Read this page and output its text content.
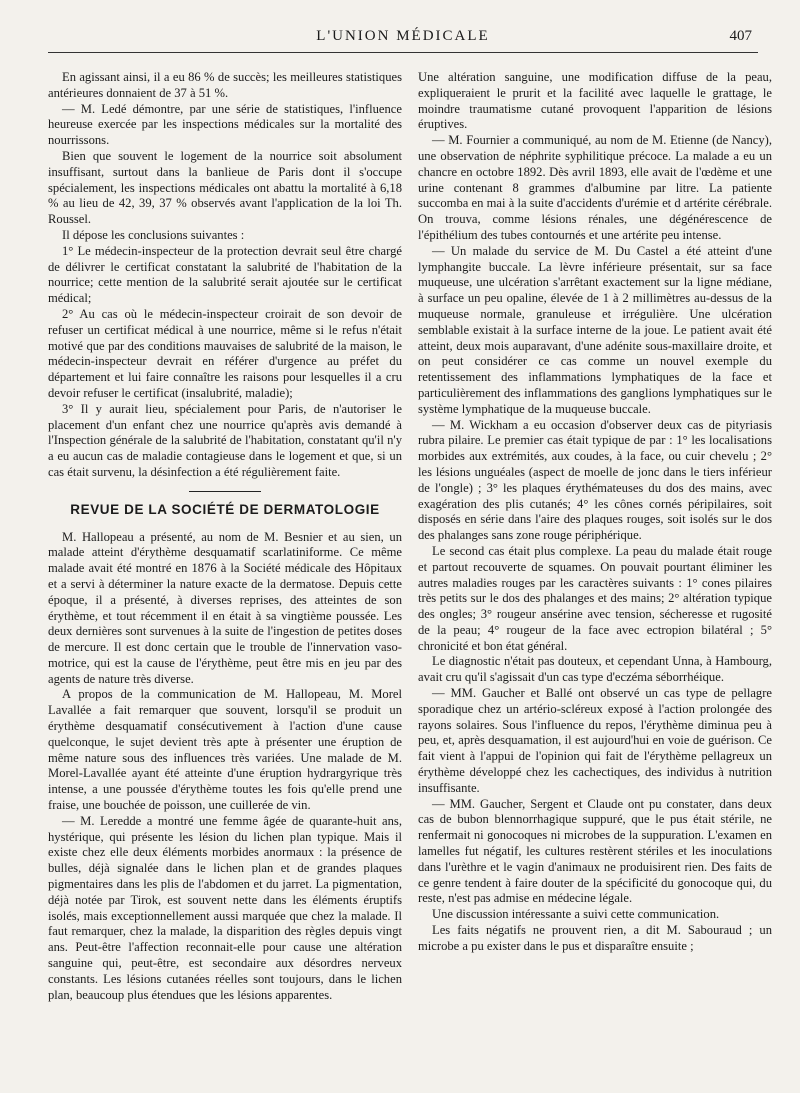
L'UNION MÉDICALE	407

En agissant ainsi, il a eu 86 % de succès; les meilleures statistiques antérieures donnaient de 37 à 51 %.

— M. Ledé démontre, par une série de statistiques, l'influence heureuse exercée par les inspections médicales sur la mortalité des nourrissons.

Bien que souvent le logement de la nourrice soit absolument insuffisant, surtout dans la banlieue de Paris dont il s'occupe spécialement, les inspections médicales ont abattu la mortalité à 6,18 % au lieu de 42, 39, 37 % observés avant l'application de la loi Th. Roussel.

Il dépose les conclusions suivantes :

1° Le médecin-inspecteur de la protection devrait seul être chargé de délivrer le certificat constatant la salubrité de l'habitation de la nourrice; cette mention de la salubrité serait ajoutée sur le certificat médical;

2° Au cas où le médecin-inspecteur croirait de son devoir de refuser un certificat médical à une nourrice, même si le refus n'était motivé que par des conditions mauvaises de salubrité de la maison, le médecin-inspecteur devrait en référer d'urgence au préfet du département et lui faire connaître les raisons pour lesquelles il a cru devoir refuser le certificat (insalubrité, maladie);

3° Il y aurait lieu, spécialement pour Paris, de n'autoriser le placement d'un enfant chez une nourrice qu'après avis demandé à l'Inspection générale de la salubrité de l'habitation, constatant qu'il n'y a eu aucun cas de maladie contagieuse dans le logement et que, si un cas était survenu, la désinfection a été régulièrement faite.

REVUE DE LA SOCIÉTÉ DE DERMATOLOGIE

M. Hallopeau a présenté, au nom de M. Besnier et au sien, un malade atteint d'érythème desquamatif scarlatiniforme. Ce même malade avait été montré en 1876 à la Société médicale des Hôpitaux et a servi à déterminer la nature exacte de la dermatose. Depuis cette époque, il a présenté, à diverses reprises, des atteintes de son érythème, et tout récemment il en était à sa vingtième poussée. Les deux dernières sont survenues à la suite de l'ingestion de petites doses de mercure. Il est donc certain que le trouble de l'innervation vaso-motrice, qui est la cause de l'érythème, peut être mis en jeu par des agents de nature très diverse.

A propos de la communication de M. Hallopeau, M. Morel Lavallée a fait remarquer que souvent, lorsqu'il se produit un érythème desquamatif consécutivement à l'action d'une cause quelconque, le sujet devient très apte à présenter une éruption de même nature sous des influences très variées. Une malade de M. Morel-Lavallée ayant été atteinte d'une éruption hydrargyrique très intense, a une poussée d'érythème toutes les fois qu'elle prend une fraise, une bouchée de poisson, une cuillerée de vin.

— M. Leredde a montré une femme âgée de quarante-huit ans, hystérique, qui présente les lésion du lichen plan typique. Mais il existe chez elle deux éléments morbides anormaux : la présence de bulles, déjà signalée dans le lichen plan et de grandes plaques pigmentaires dans les plis de l'abdomen et du jarret. La pigmentation, déjà notée par Tirok, est souvent nette dans les éléments éruptifs isolés, mais exceptionnellement aussi marquée que chez la malade. Il faut remarquer, chez la malade, la disparition des règles depuis vingt ans. Peut-être l'affection reconnait-elle pour cause une altération sanguine qui, peut-être, est secondaire aux désordres nerveux constants. Les lésions cutanées réelles sont toujours, dans le lichen plan, beaucoup plus étendues que les lésions apparentes.

Une altération sanguine, une modification diffuse de la peau, expliqueraient le prurit et la facilité avec laquelle le grattage, le moindre traumatisme cutané provoquent l'apparition de lésions éruptives.

— M. Fournier a communiqué, au nom de M. Etienne (de Nancy), une observation de néphrite syphilitique précoce. La malade a eu un chancre en octobre 1892. Dès avril 1893, elle avait de l'œdème et une urine contenant 8 grammes d'albumine par litre. La patiente succomba en mai à la suite d'accidents d'urémie et d artérite cérébrale. On trouva, comme lésions rénales, une dégénérescence de l'épithélium des tubes contournés et une artérite peu intense.

— Un malade du service de M. Du Castel a été atteint d'une lymphangite buccale. La lèvre inférieure présentait, sur sa face muqueuse, une ulcération s'arrêtant exactement sur la ligne médiane, à surface un peu opaline, élevée de 1 à 2 millimètres au-dessus de la muqueuse normale, granuleuse et irrégulière. Une ulcération semblable existait à la surface interne de la joue. Le patient avait été atteint, deux mois auparavant, d'une adénite sous-maxillaire droite, et on peut considérer ce cas comme un nouvel exemple du retentissement des inflammations lymphatiques de la face et particulièrement des inflammations des ganglions lymphatiques sur le système lymphatique de la muqueuse buccale.

— M. Wickham a eu occasion d'observer deux cas de pityriasis rubra pilaire. Le premier cas était typique de par : 1° les localisations morbides aux extrémités, aux coudes, à la face, ou cuir chevelu ; 2° les lésions unguéales (aspect de moelle de jonc dans le tiers inférieur de l'ongle) ; 3° les plaques érythémateuses du dos des mains, avec exagération des plis cutanés; 4° les cônes cornés péripilaires, soit disposés en série dans l'aire des plaques rouges, soit isolés sur le dos des phalanges sans zone rouge périphérique.

Le second cas était plus complexe. La peau du malade était rouge et partout recouverte de squames. On pouvait pourtant éliminer les autres maladies rouges par les caractères suivants : 1° cones pilaires très petits sur le dos des phalanges et des mains; 2° altération typique des ongles; 3° rougeur ansérine avec tension, sécheresse et rugosité de la peau; 4° rougeur de la face avec ectropion bilatéral ; 5° chronicité et bon état général.

Le diagnostic n'était pas douteux, et cependant Unna, à Hambourg, avait cru qu'il s'agissait d'un cas type d'eczéma séborrhéique.

— MM. Gaucher et Ballé ont observé un cas type de pellagre sporadique chez un artério-scléreux exposé à l'action prolongée des rayons solaires. Sous l'influence du repos, l'érythème diminua peu à peu, et, après desquamation, il est aujourd'hui en voie de guérison. Ce fait vient à l'appui de l'opinion qui fait de l'érythème pellagreux un érythème développé chez les cachectiques, des individus à nutrition insuffisante.

— MM. Gaucher, Sergent et Claude ont pu constater, dans deux cas de bubon blennorrhagique suppuré, que le pus était stérile, ne renfermait ni gonocoques ni microbes de la suppuration. L'examen en lamelles fut négatif, les cultures restèrent stériles et les inoculations dans l'urèthre et le vagin d'animaux ne produisirent rien. Des faits de ce genre tendent à faire douter de la spécificité du gonocoque qui, du reste, n'est pas admise en médecine légale.

Une discussion intéressante a suivi cette communication.

Les faits négatifs ne prouvent rien, a dit M. Sabouraud ; un microbe a pu exister dans le pus et disparaître ensuite ;
